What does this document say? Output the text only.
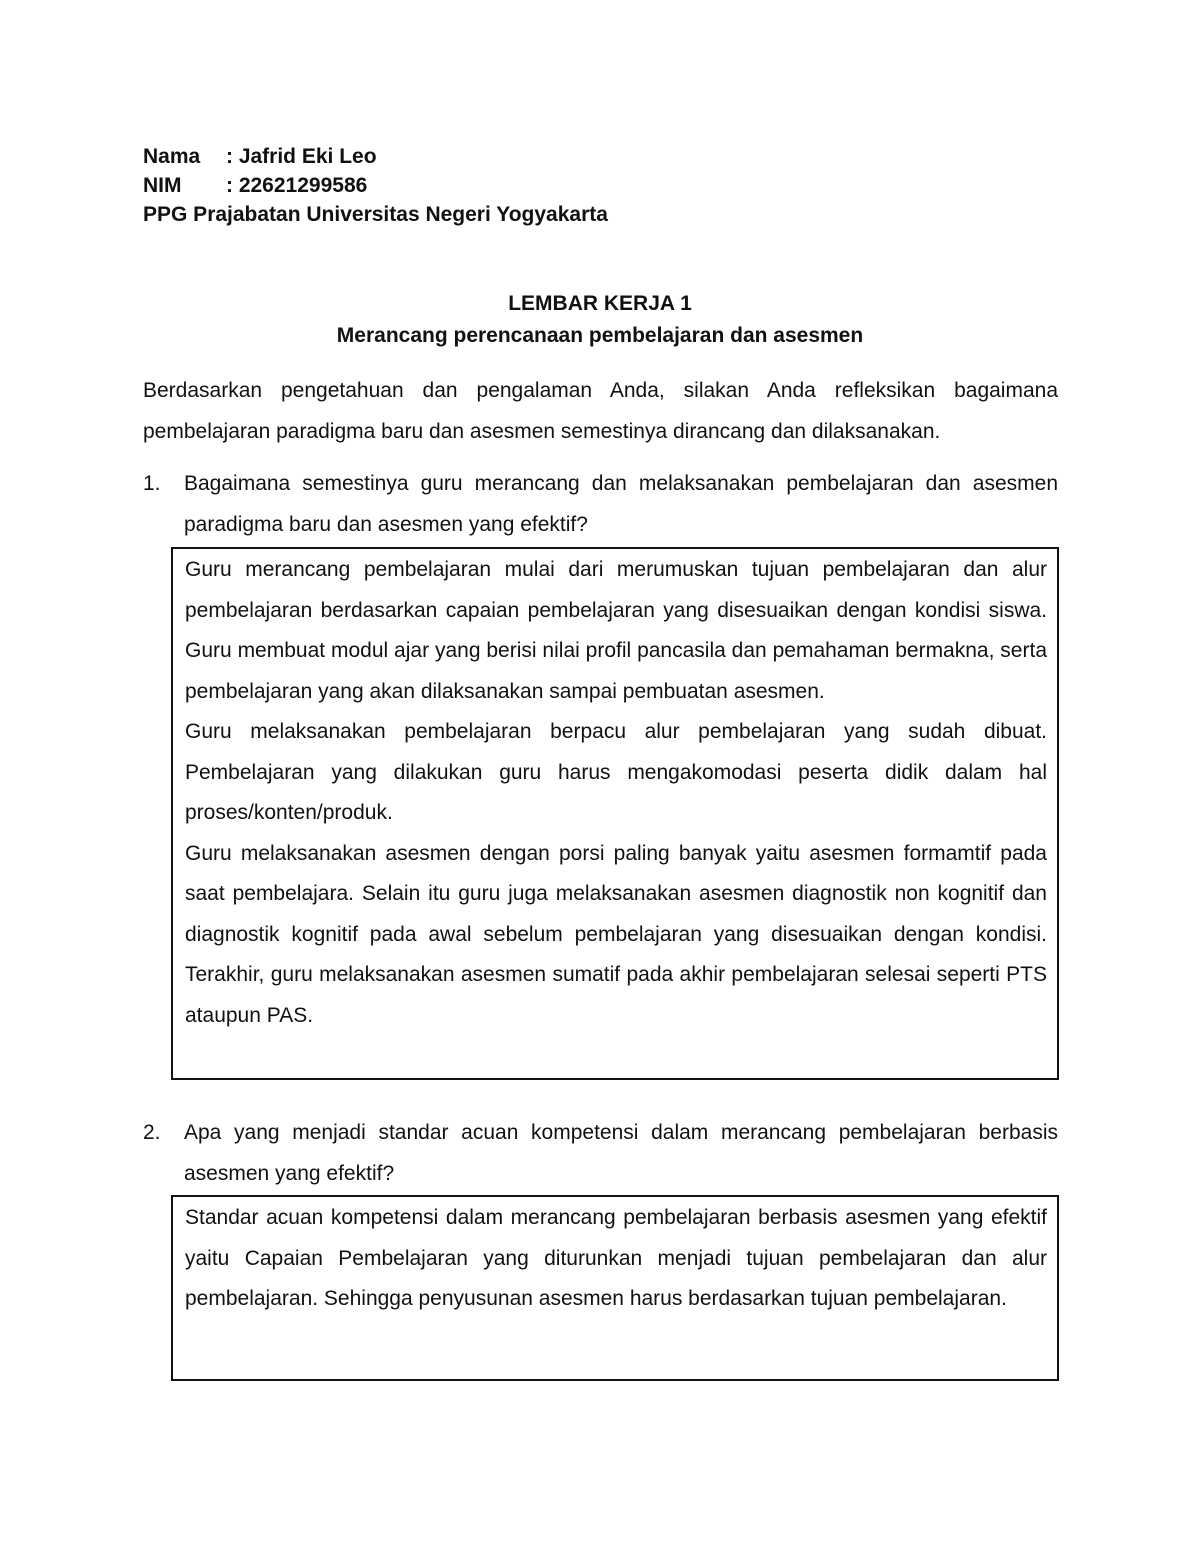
Nama	: Jafrid Eki Leo
NIM	: 22621299586
PPG Prajabatan Universitas Negeri Yogyakarta
LEMBAR KERJA 1
Merancang perencanaan pembelajaran dan asesmen
Berdasarkan pengetahuan dan pengalaman Anda, silakan Anda refleksikan bagaimana pembelajaran paradigma baru dan asesmen semestinya dirancang dan dilaksanakan.
1.	Bagaimana semestinya guru merancang dan melaksanakan pembelajaran dan asesmen paradigma baru dan asesmen yang efektif?

Guru merancang pembelajaran mulai dari merumuskan tujuan pembelajaran dan alur pembelajaran berdasarkan capaian pembelajaran yang disesuaikan dengan kondisi siswa. Guru membuat modul ajar yang berisi nilai profil pancasila dan pemahaman bermakna, serta pembelajaran yang akan dilaksanakan sampai pembuatan asesmen.

Guru melaksanakan pembelajaran berpacu alur pembelajaran yang sudah dibuat. Pembelajaran yang dilakukan guru harus mengakomodasi peserta didik dalam hal proses/konten/produk.

Guru melaksanakan asesmen dengan porsi paling banyak yaitu asesmen formamtif pada saat pembelajara. Selain itu guru juga melaksanakan asesmen diagnostik non kognitif dan diagnostik kognitif pada awal sebelum pembelajaran yang disesuaikan dengan kondisi. Terakhir, guru melaksanakan asesmen sumatif pada akhir pembelajaran selesai seperti PTS ataupun PAS.

2.	Apa yang menjadi standar acuan kompetensi dalam merancang pembelajaran berbasis asesmen yang efektif?

Standar acuan kompetensi dalam merancang pembelajaran berbasis asesmen yang efektif yaitu Capaian Pembelajaran yang diturunkan menjadi tujuan pembelajaran dan alur pembelajaran. Sehingga penyusunan asesmen harus berdasarkan tujuan pembelajaran.
